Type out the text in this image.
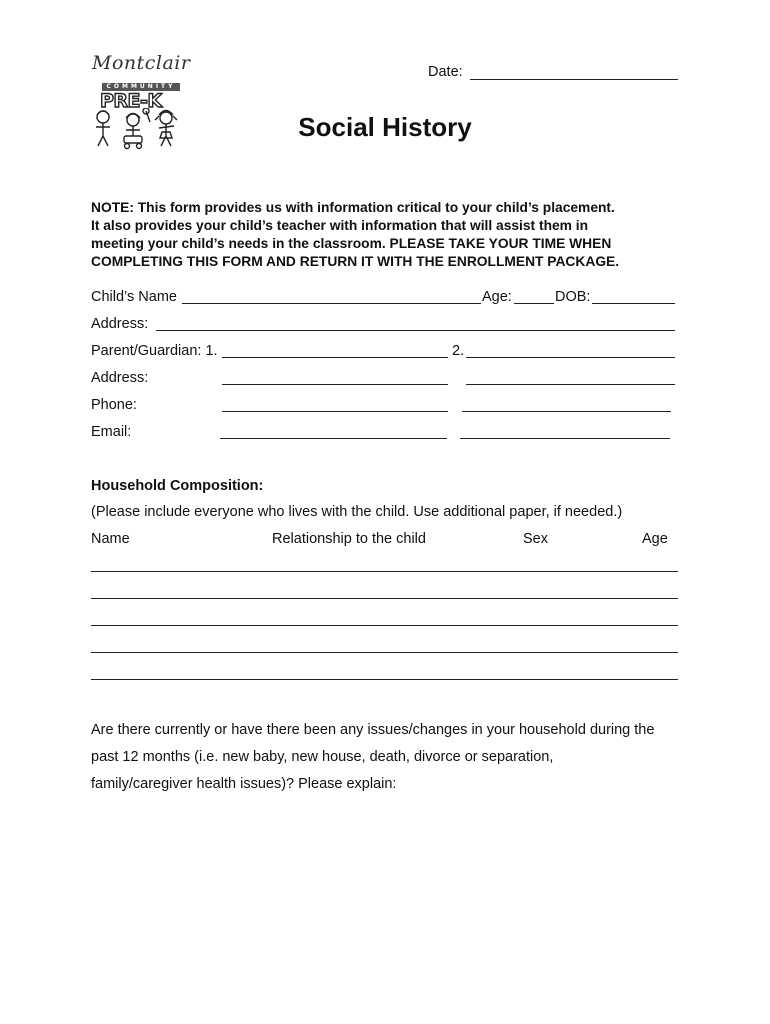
Montclair
COMMUNITY
PRE-K
Date:
Social History
NOTE: This form provides us with information critical to your child’s placement.
It also provides your child’s teacher with information that will assist them in
meeting your child’s needs in the classroom. PLEASE TAKE YOUR TIME WHEN
COMPLETING THIS FORM AND RETURN IT WITH THE ENROLLMENT PACKAGE.
Child’s Name	Age:	DOB:
Address:
Parent/Guardian: 1.	2.
Address:
Phone:
Email:
Household Composition:
(Please include everyone who lives with the child. Use additional paper, if needed.)
Name	Relationship to the child	Sex	Age
Are there currently or have there been any issues/changes in your household during the
past 12 months (i.e. new baby, new house, death, divorce or separation,
family/caregiver health issues)? Please explain:
